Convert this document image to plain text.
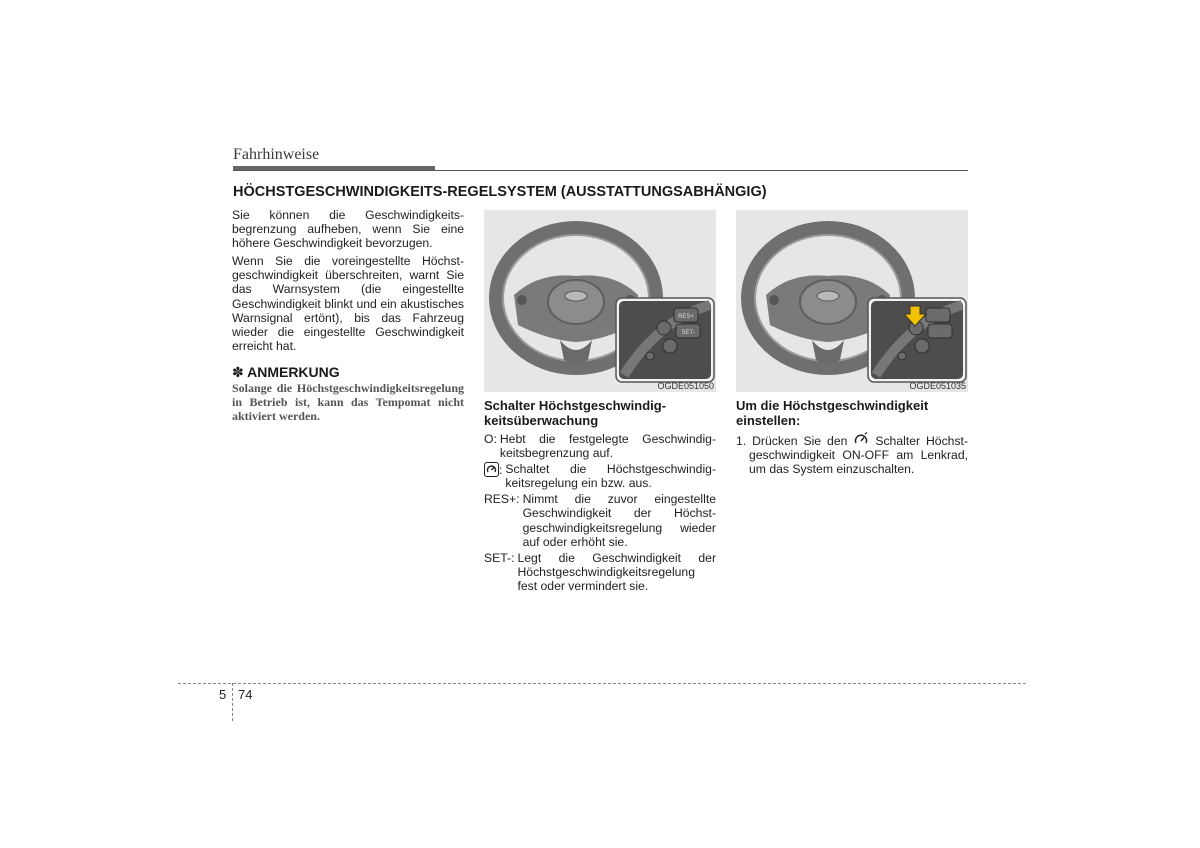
Fahrhinweise
HÖCHSTGESCHWINDIGKEITS-REGELSYSTEM (AUSSTATTUNGSABHÄNGIG)

Sie können die Geschwindigkeitsbegrenzung aufheben, wenn Sie eine höhere Geschwindigkeit bevorzugen.

Wenn Sie die voreingestellte Höchstgeschwindigkeit überschreiten, warnt Sie das Warnsystem (die eingestellte Geschwindigkeit blinkt und ein akustisches Warnsignal ertönt), bis das Fahrzeug wieder die eingestellte Geschwindigkeit erreicht hat.

✽ ANMERKUNG

Solange die Höchstgeschwindigkeitsregelung in Betrieb ist, kann das Tempomat nicht aktiviert werden.

RES+
SET-
OGDE051050	OGDE051035
Schalter Höchstgeschwindigkeitsüberwachung
O: Hebt die festgelegte Geschwindigkeitsbegrenzung auf.
: Schaltet die Höchstgeschwindigkeitsregelung ein bzw. aus.
RES+: Nimmt die zuvor eingestellte Geschwindigkeit der Höchstgeschwindigkeitsregelung wieder auf oder erhöht sie.
SET-: Legt die Geschwindigkeit der Höchstgeschwindigkeitsregelung fest oder vermindert sie.
Um die Höchstgeschwindigkeit einstellen:
1. Drücken Sie den Schalter Höchstgeschwindigkeit ON-OFF am Lenkrad, um das System einzuschalten.
5 74
